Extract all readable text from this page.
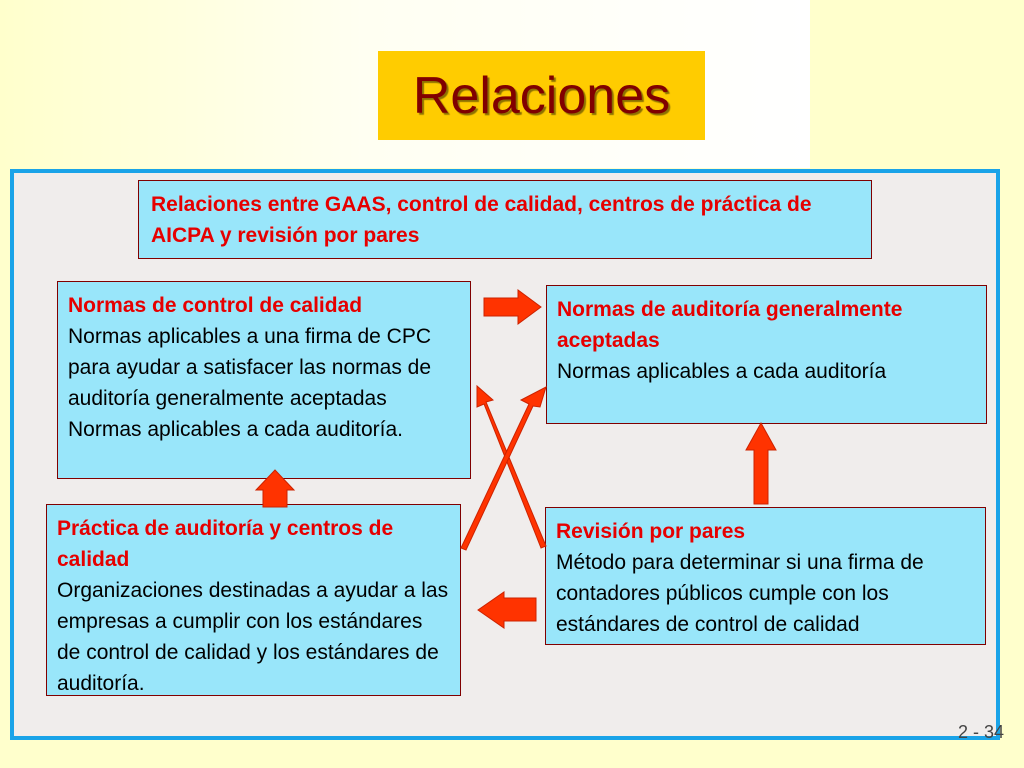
Relaciones
Relaciones entre GAAS, control de calidad, centros de práctica de AICPA y revisión por pares
Normas de control de calidad
Normas aplicables a una firma de CPC para ayudar a satisfacer las normas de auditoría generalmente aceptadas Normas aplicables a cada auditoría.
Normas de auditoría generalmente aceptadas
Normas aplicables a cada auditoría
Práctica de auditoría y centros de calidad
Organizaciones destinadas a ayudar a las empresas a cumplir con los estándares de control de calidad y los estándares de auditoría.
Revisión por pares
Método para determinar si una firma de contadores públicos cumple con los estándares de control de calidad
2 - 34
